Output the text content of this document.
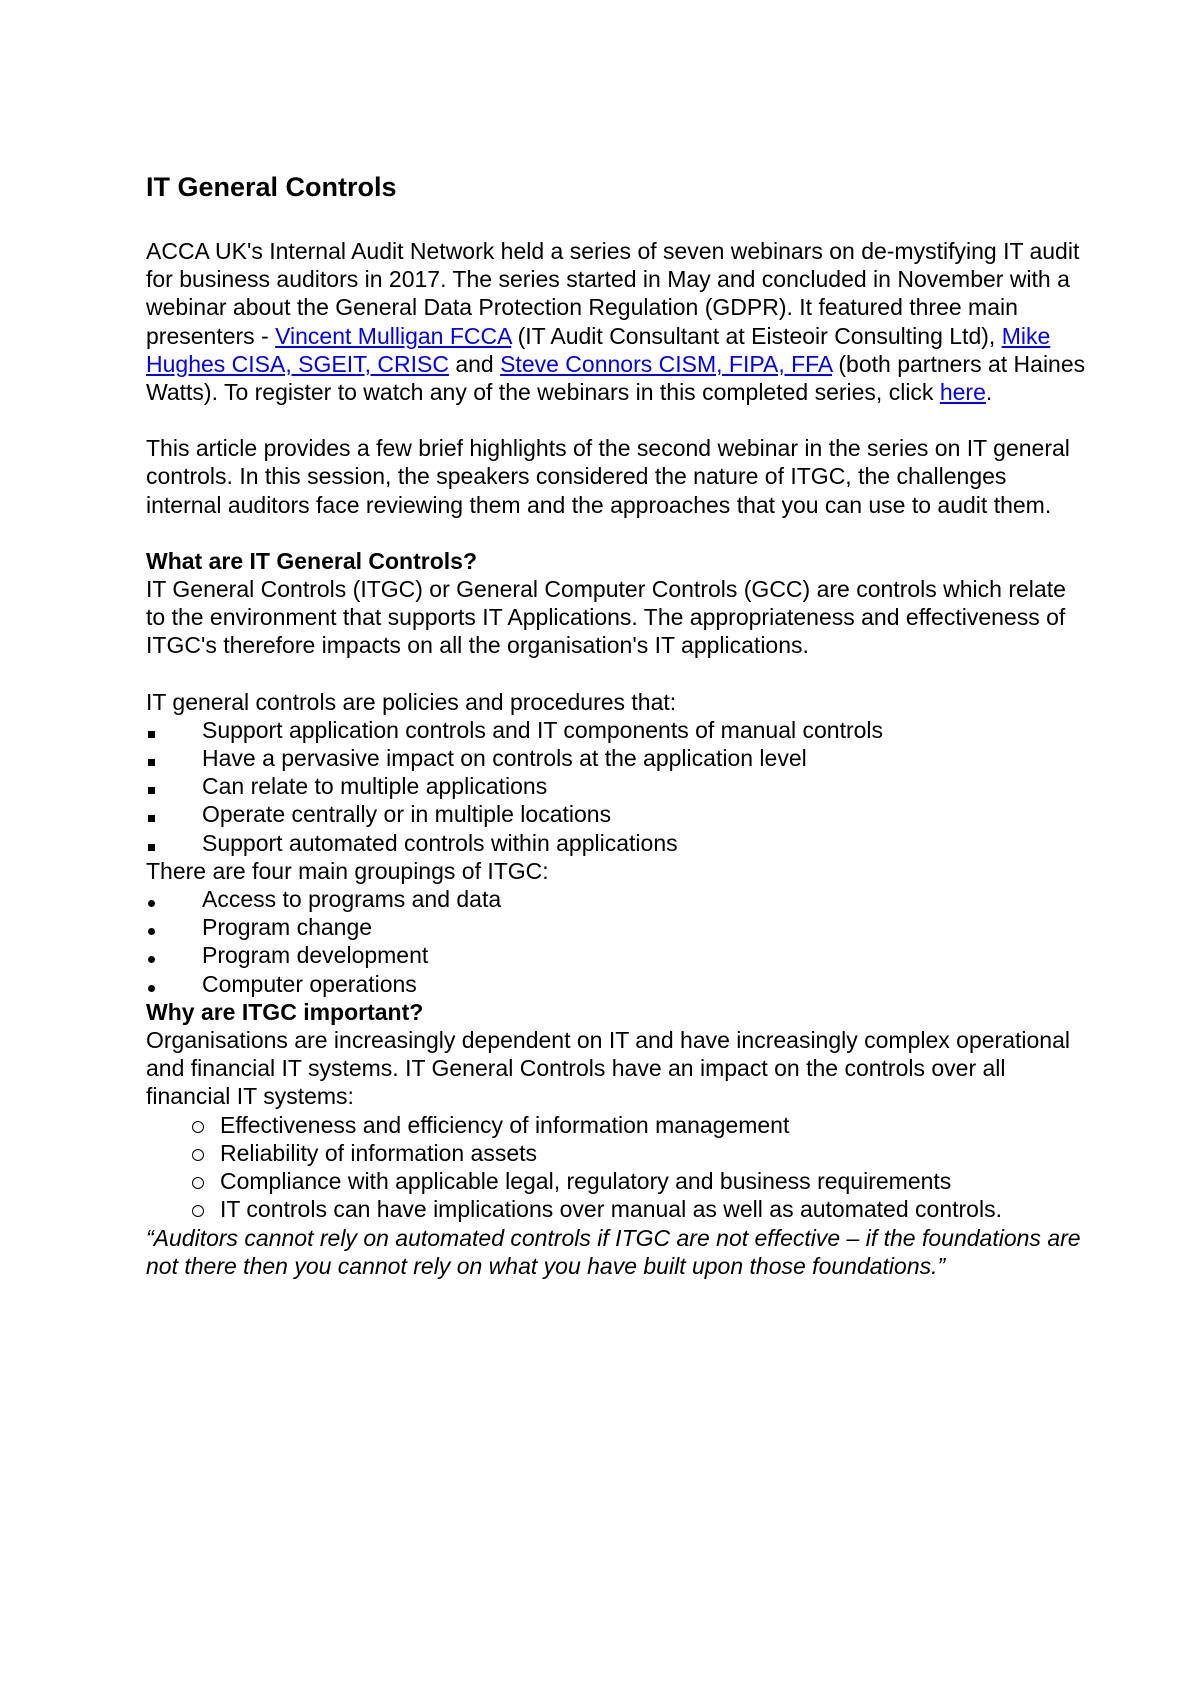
IT General Controls

ACCA UK's Internal Audit Network held a series of seven webinars on de-mystifying IT audit for business auditors in 2017. The series started in May and concluded in November with a webinar about the General Data Protection Regulation (GDPR). It featured three main presenters - Vincent Mulligan FCCA (IT Audit Consultant at Eisteoir Consulting Ltd), Mike Hughes CISA, SGEIT, CRISC and Steve Connors CISM, FIPA, FFA (both partners at Haines Watts). To register to watch any of the webinars in this completed series, click here.

This article provides a few brief highlights of the second webinar in the series on IT general controls. In this session, the speakers considered the nature of ITGC, the challenges internal auditors face reviewing them and the approaches that you can use to audit them.

What are IT General Controls?

IT General Controls (ITGC) or General Computer Controls (GCC) are controls which relate to the environment that supports IT Applications. The appropriateness and effectiveness of ITGC's therefore impacts on all the organisation's IT applications.

IT general controls are policies and procedures that:

Support application controls and IT components of manual controls
Have a pervasive impact on controls at the application level
Can relate to multiple applications
Operate centrally or in multiple locations
Support automated controls within applications

There are four main groupings of ITGC:

Access to programs and data
Program change
Program development
Computer operations

Why are ITGC important?

Organisations are increasingly dependent on IT and have increasingly complex operational and financial IT systems. IT General Controls have an impact on the controls over all financial IT systems:

Effectiveness and efficiency of information management
Reliability of information assets
Compliance with applicable legal, regulatory and business requirements
IT controls can have implications over manual as well as automated controls.

“Auditors cannot rely on automated controls if ITGC are not effective – if the foundations are not there then you cannot rely on what you have built upon those foundations.”
